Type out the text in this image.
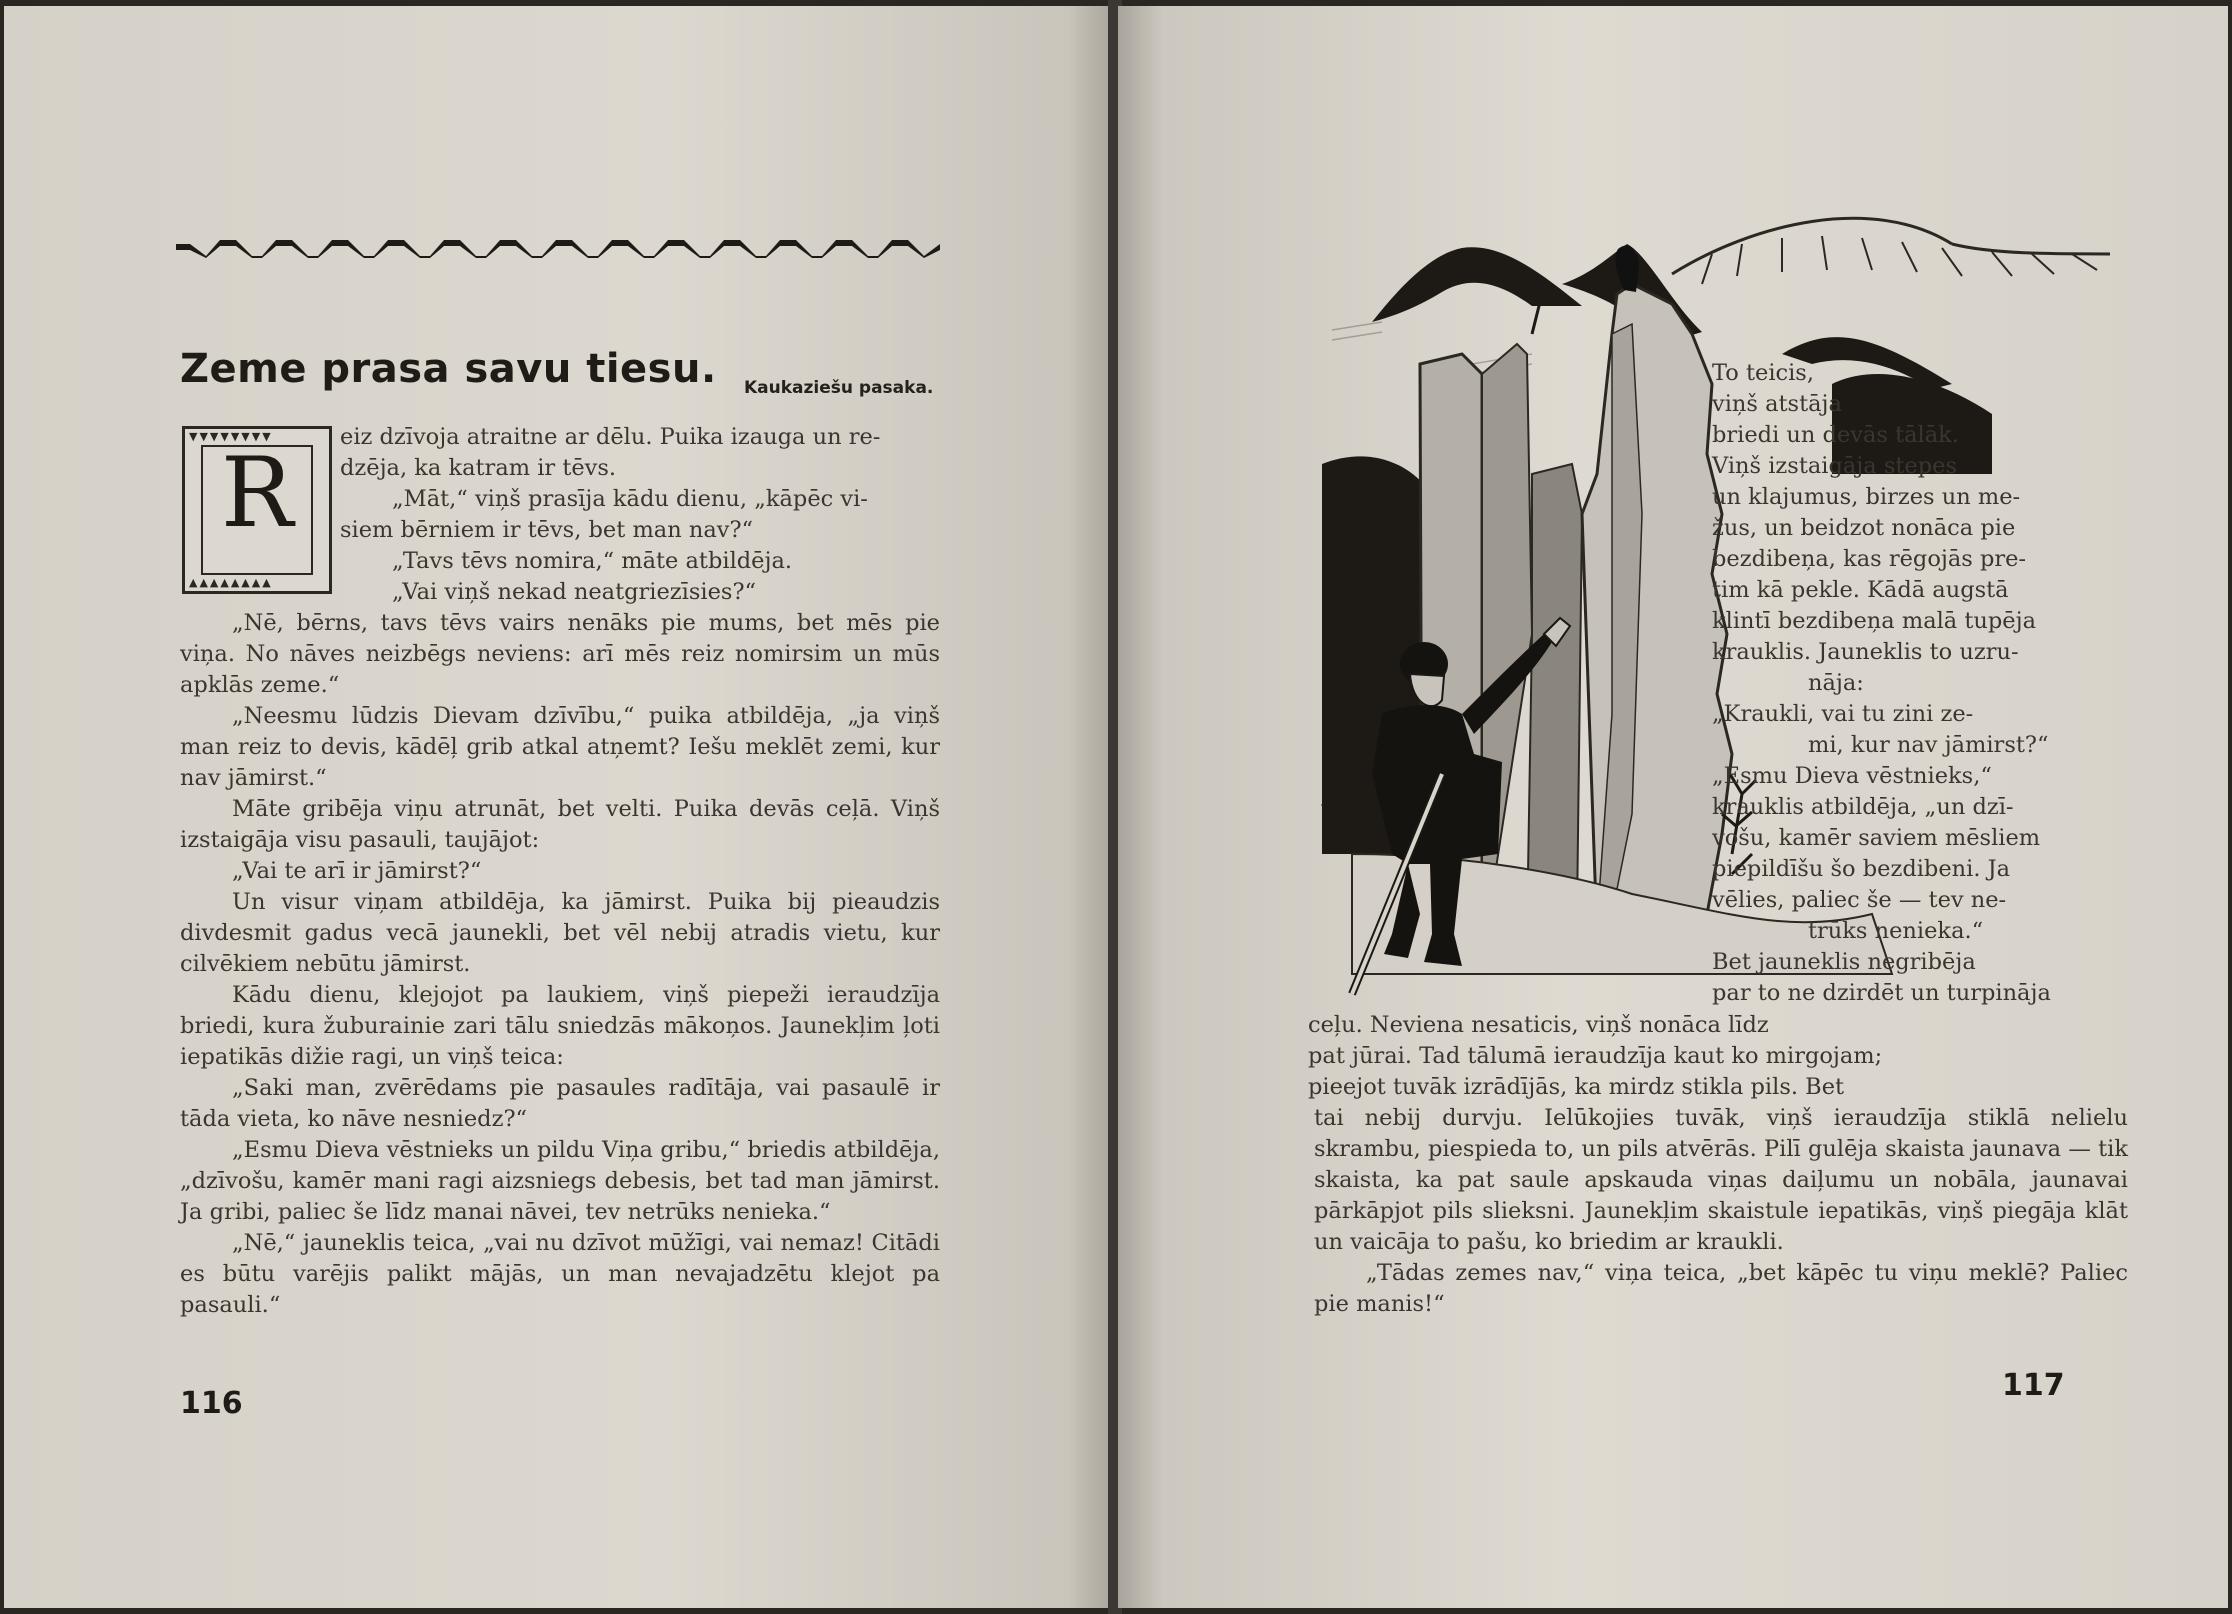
Zeme prasa savu tiesu. Kaukaziešu pasaka.
▼▼▼▼▼▼▼▼
▲▲▲▲▲▲▲▲
R	eiz dzīvoja atraitne ar dēlu. Puika izauga un re-

dzēja, ka katram ir tēvs.

„Māt,“ viņš prasīja kādu dienu, „kāpēc vi-

siem bērniem ir tēvs, bet man nav?“

„Tavs tēvs nomira,“ māte atbildēja.

„Vai viņš nekad neatgriezīsies?“

„Nē, bērns, tavs tēvs vairs nenāks pie mums, bet mēs pie viņa. No nāves neizbēgs neviens: arī mēs reiz nomirsim un mūs apklās zeme.“

„Neesmu lūdzis Dievam dzīvību,“ puika atbildēja, „ja viņš man reiz to devis, kādēļ grib atkal atņemt? Iešu meklēt zemi, kur nav jāmirst.“

Māte gribēja viņu atrunāt, bet velti. Puika devās ceļā. Viņš izstaigāja visu pasauli, taujājot:

„Vai te arī ir jāmirst?“

Un visur viņam atbildēja, ka jāmirst. Puika bij pieaudzis divdesmit gadus vecā jaunekli, bet vēl nebij atradis vietu, kur cilvēkiem nebūtu jāmirst.

Kādu dienu, klejojot pa laukiem, viņš piepeži ieraudzīja briedi, kura žuburainie zari tālu sniedzās mākoņos. Jaunekļim ļoti iepatikās dižie ragi, un viņš teica:

„Saki man, zvērēdams pie pasaules radītāja, vai pasaulē ir tāda vieta, ko nāve nesniedz?“

„Esmu Dieva vēstnieks un pildu Viņa gribu,“ briedis atbildēja, „dzīvošu, kamēr mani ragi aizsniegs debesis, bet tad man jāmirst. Ja gribi, paliec še līdz manai nāvei, tev netrūks nenieka.“

„Nē,“ jauneklis teica, „vai nu dzīvot mūžīgi, vai nemaz! Citādi es būtu varējis palikt mājās, un man nevajadzētu klejot pa pasauli.“

116

To teicis,

viņš atstāja

briedi un devās tālāk.

Viņš izstaigāja stepes

un klajumus, birzes un me-

žus, un beidzot nonāca pie

bezdibeņa, kas rēgojās pre-

tim kā pekle. Kādā augstā

klintī bezdibeņa malā tupēja

krauklis. Jauneklis to uzru-

nāja:

„Kraukli, vai tu zini ze-

mi, kur nav jāmirst?“

„Esmu Dieva vēstnieks,“

krauklis atbildēja, „un dzī-

vošu, kamēr saviem mēsliem

piepildīšu šo bezdibeni. Ja

vēlies, paliec še — tev ne-

trūks nenieka.“

Bet jauneklis negribēja

par to ne dzirdēt un turpināja

ceļu. Neviena nesaticis, viņš nonāca līdz

pat jūrai. Tad tālumā ieraudzīja kaut ko mirgojam;

pieejot tuvāk izrādījās, ka mirdz stikla pils. Bet

tai nebij durvju. Ielūkojies tuvāk, viņš ieraudzīja stiklā nelielu skrambu, piespieda to, un pils atvērās. Pilī gulēja skaista jaunava — tik skaista, ka pat saule apskauda viņas daiļumu un nobāla, jaunavai pārkāpjot pils slieksni. Jaunekļim skaistule iepatikās, viņš piegāja klāt un vaicāja to pašu, ko briedim ar kraukli.

„Tādas zemes nav,“ viņa teica, „bet kāpēc tu viņu meklē? Paliec pie manis!“

117
